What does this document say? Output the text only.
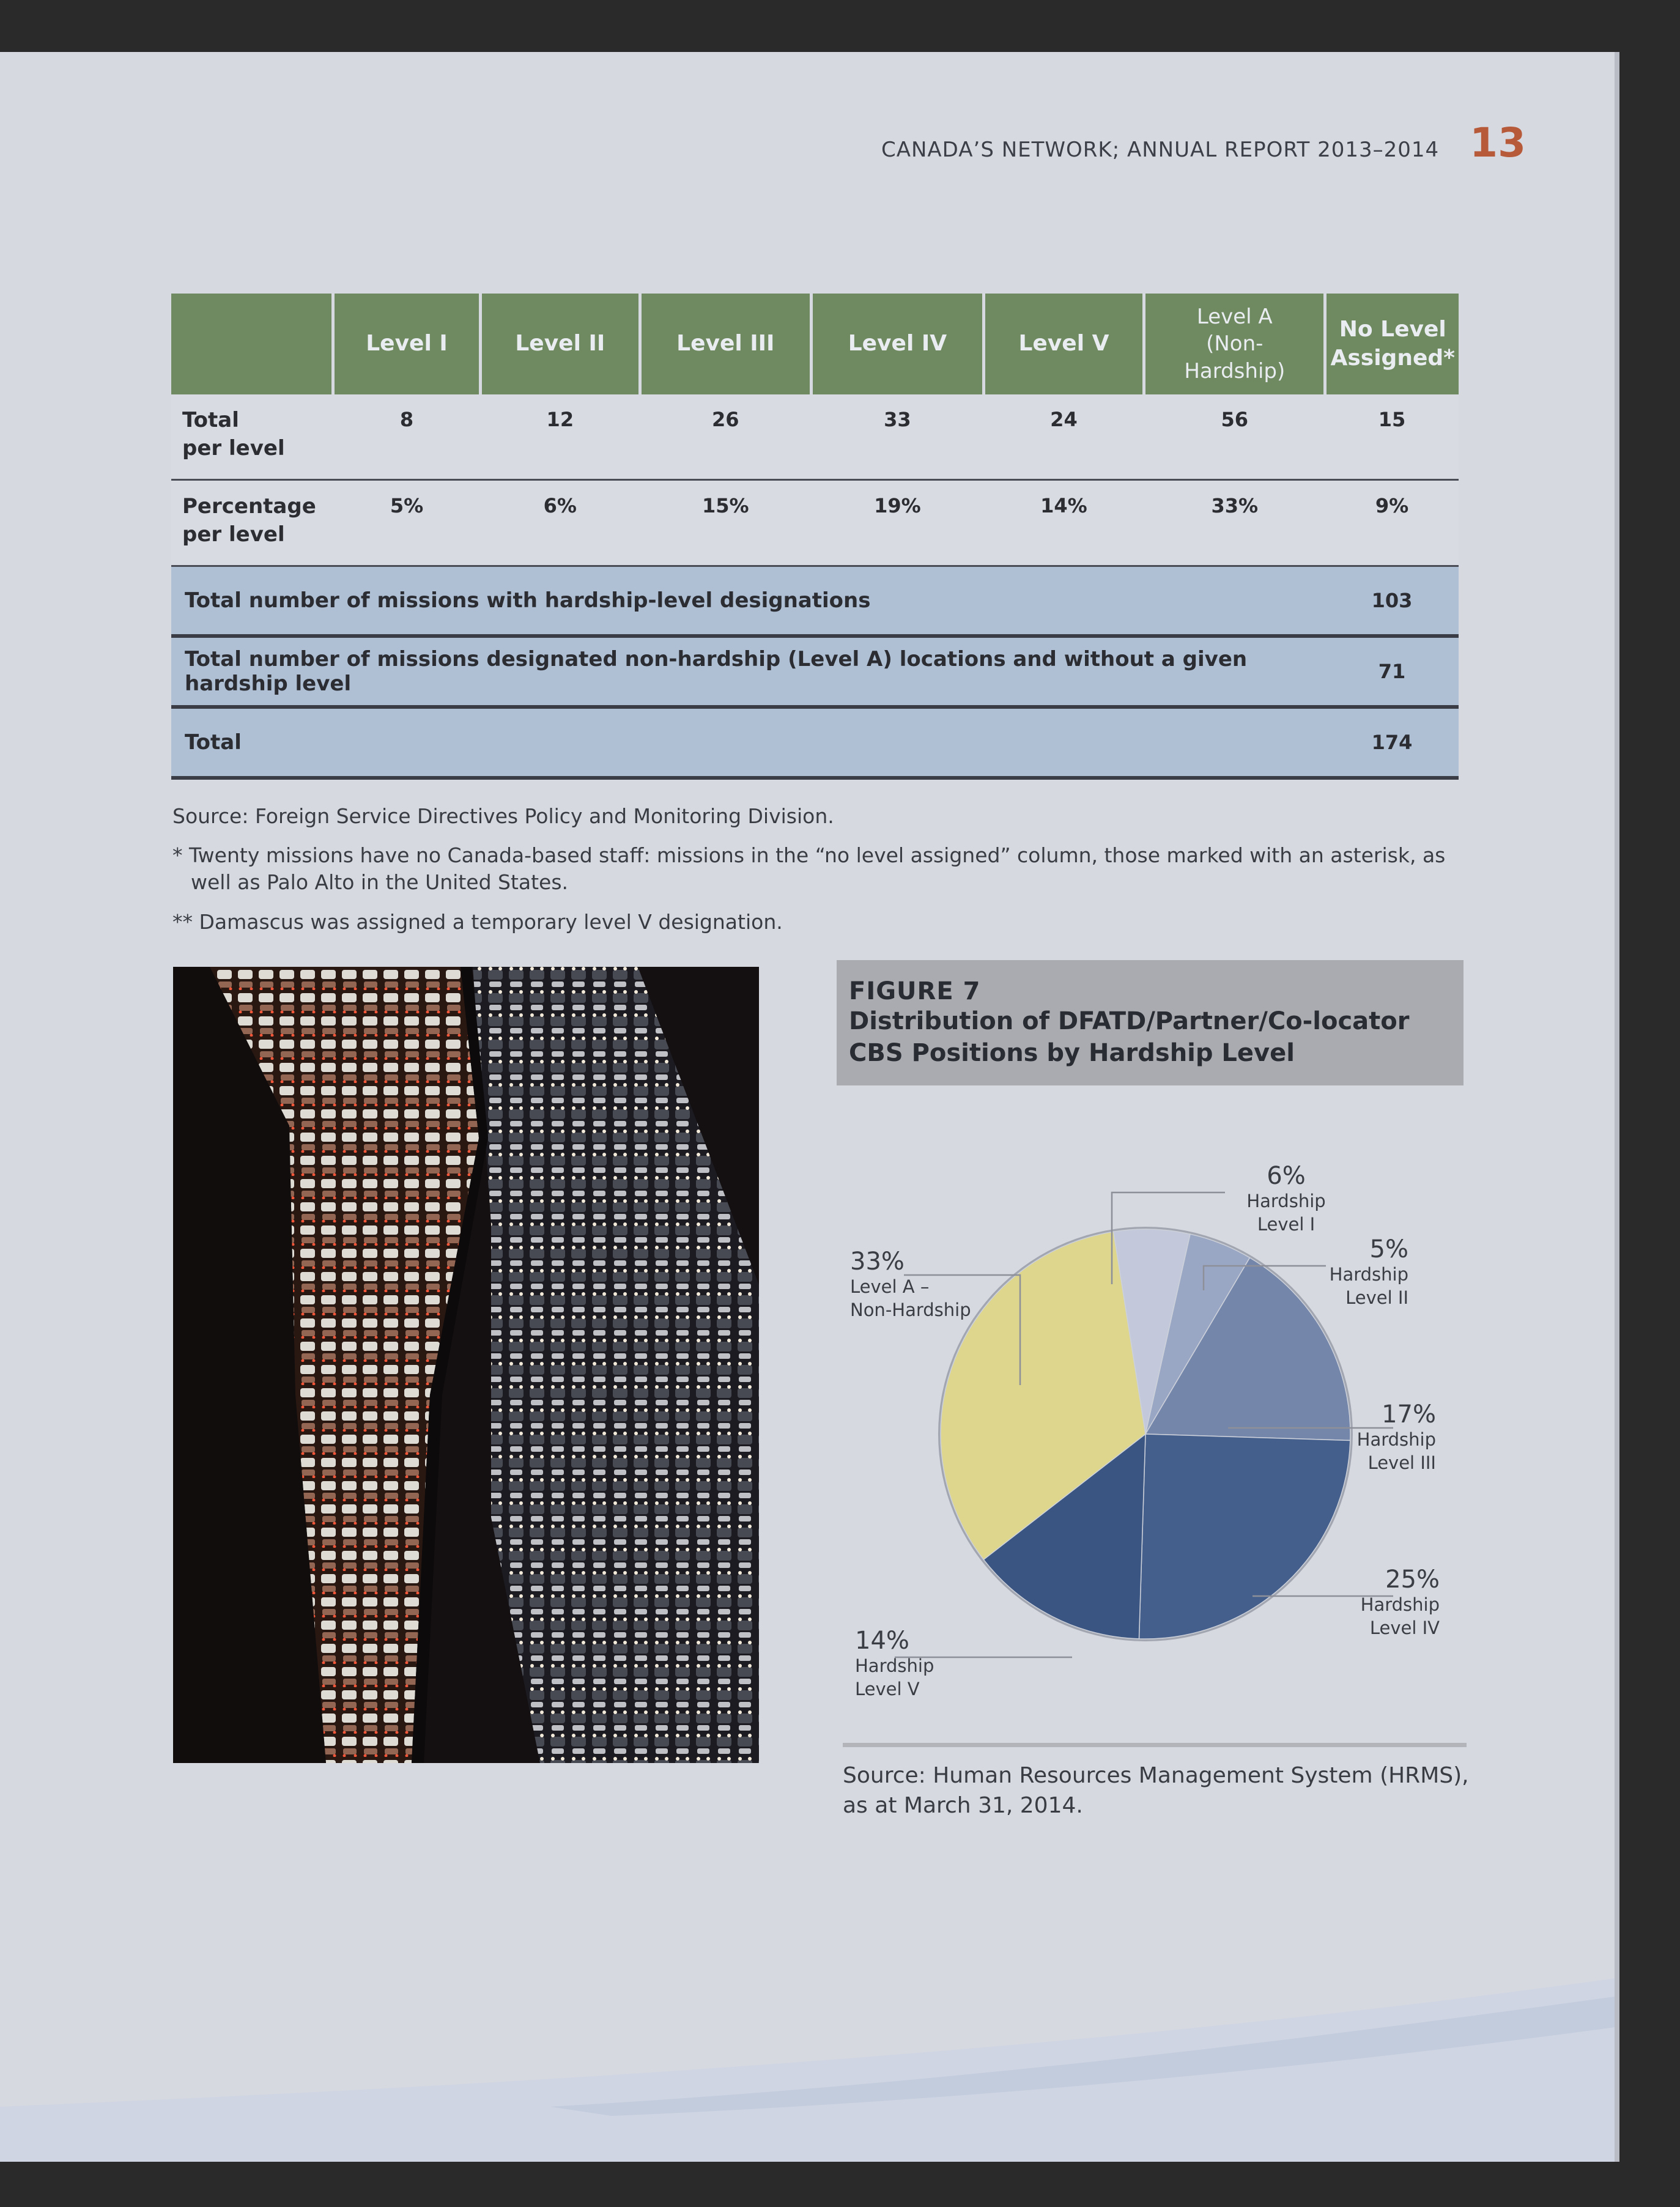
CANADA’S NETWORK; ANNUAL REPORT 2013–2014 13
	Level I	Level II	Level III	Level IV	Level V	Level A
(Non-
Hardship)	No Level
Assigned*
Total
per level	8	12	26	33	24	56	15
Percentage
per level	5%	6%	15%	19%	14%	33%	9%
Total number of missions with hardship-level designations							103
Total number of missions designated non-hardship (Level A) locations and without a given hardship level							71
Total							174

Source: Foreign Service Directives Policy and Monitoring Division.

* Twenty missions have no Canada-based staff: missions in the “no level assigned” column, those marked with an asterisk, as well as Palo Alto in the United States.

** Damascus was assigned a temporary level V designation.

FIGURE 7
Distribution of DFATD/Partner/Co-locator CBS Positions by Hardship Level
6%
Hardship
Level I
5%
Hardship
Level II
17%
Hardship
Level III
25%
Hardship
Level IV
14%
Hardship
Level V
33%
Level A –
Non-Hardship
Source: Human Resources Management System (HRMS), as at March 31, 2014.
